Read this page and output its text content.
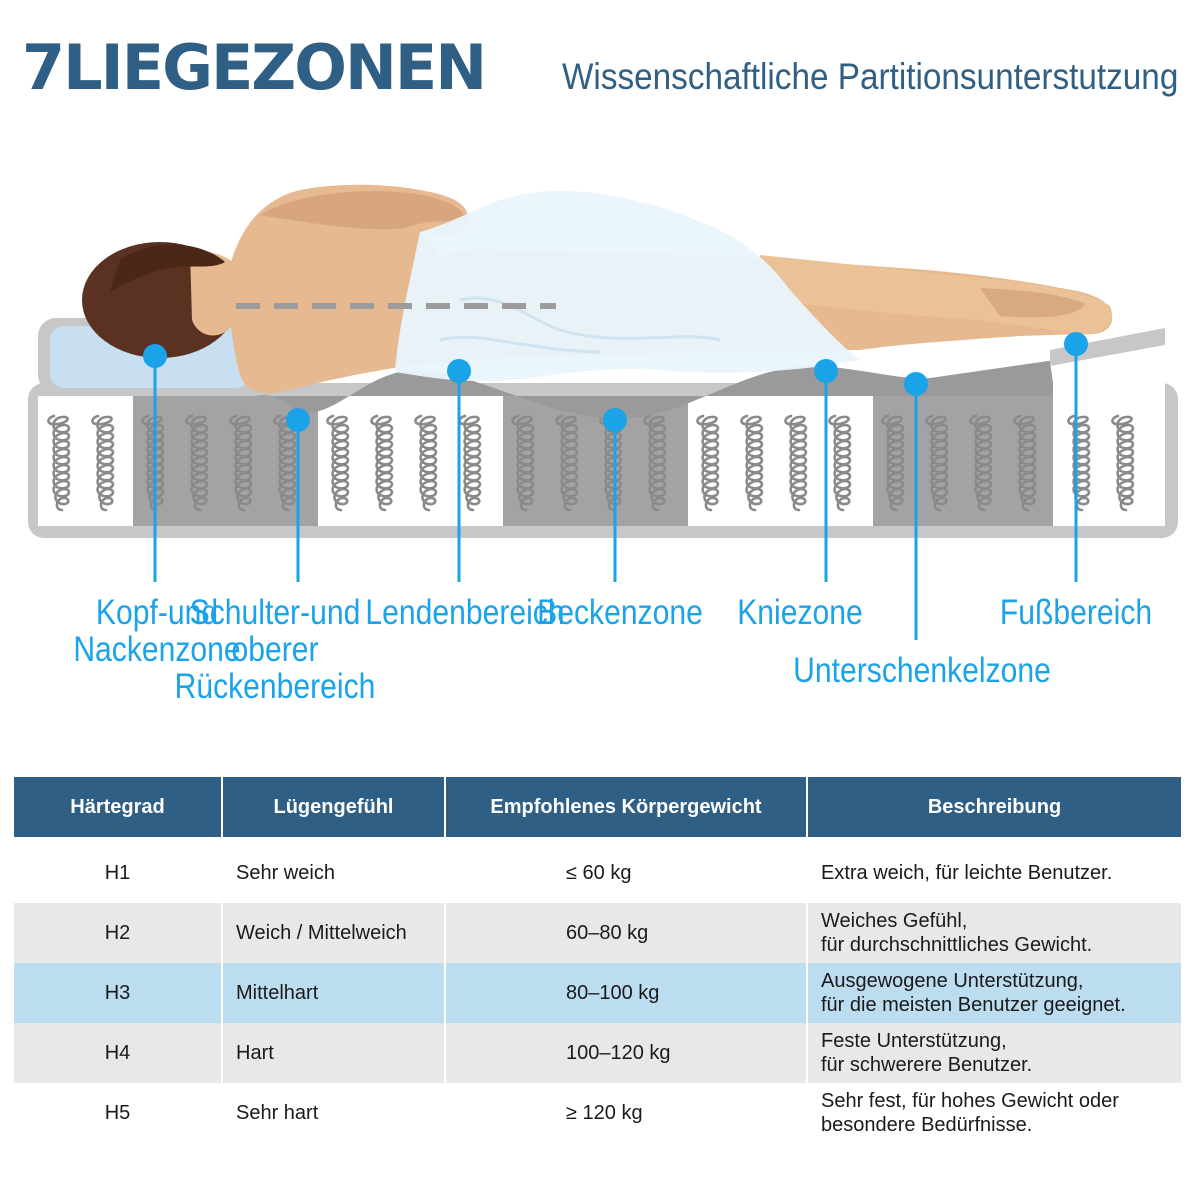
7LIEGEZONEN Wissenschaftliche Partitionsunterstutzung
Kopf-und
Nackenzone
Schulter-und
oberer
Rückenbereich
Lendenbereich
Beckenzone Kniezone
Unterschenkelzone
Fußbereich
Härtegrad	Lügengefühl	Empfohlenes Körpergewicht	Beschreibung

H1	Sehr weich	≤ 60 kg	Extra weich, für leichte Benutzer.
H2	Weich / Mittelweich	60–80 kg	Weiches Gefühl,
für durchschnittliches Gewicht.
H3	Mittelhart	80–100 kg	Ausgewogene Unterstützung,
für die meisten Benutzer geeignet.
H4	Hart	100–120 kg	Feste Unterstützung,
für schwerere Benutzer.
H5	Sehr hart	≥ 120 kg	Sehr fest, für hohes Gewicht oder
besondere Bedürfnisse.
